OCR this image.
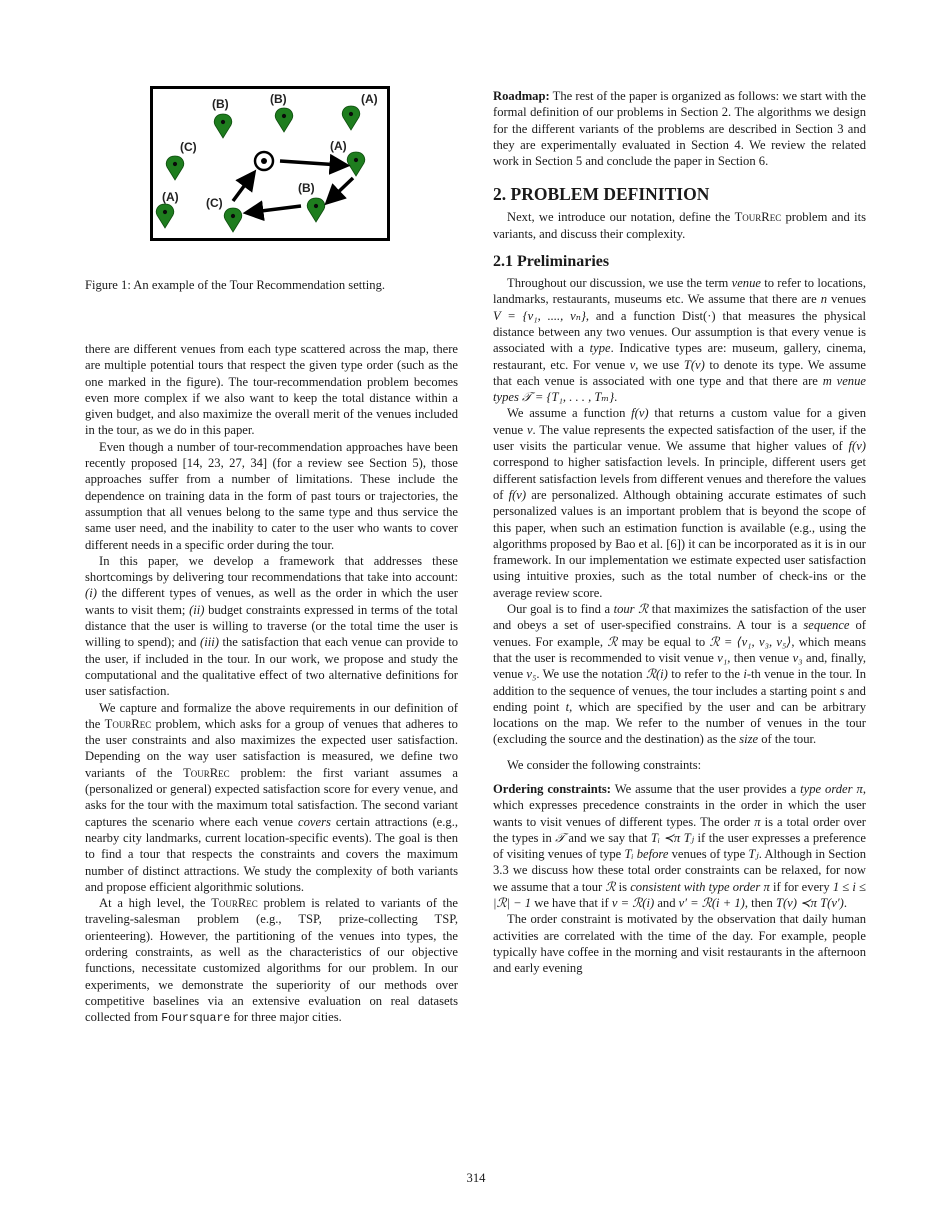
(B)	(B)	(A)
(C)	(A)
(B)
(A) (C)
Figure 1: An example of the Tour Recommendation setting.

there are different venues from each type scattered across the map, there are multiple potential tours that respect the given type order (such as the one marked in the figure). The tour-recommendation problem becomes even more complex if we also want to keep the total distance within a given budget, and also maximize the overall merit of the venues included in the tour, as we do in this paper.

Even though a number of tour-recommendation approaches have been recently proposed [14, 23, 27, 34] (for a review see Section 5), those approaches suffer from a number of limitations. These include the dependence on training data in the form of past tours or trajectories, the assumption that all venues belong to the same type and thus service the same user need, and the inability to cater to the user who wants to cover different needs in a specific order during the tour.

In this paper, we develop a framework that addresses these shortcomings by delivering tour recommendations that take into account: (i) the different types of venues, as well as the order in which the user wants to visit them; (ii) budget constraints expressed in terms of the total distance that the user is willing to traverse (or the total time the user is willing to spend); and (iii) the satisfaction that each venue can provide to the user, if included in the tour. In our work, we propose and study the computational and the qualitative effect of two alternative definitions for user satisfaction.

We capture and formalize the above requirements in our definition of the TourRec problem, which asks for a group of venues that adheres to the user constraints and also maximizes the expected user satisfaction. Depending on the way user satisfaction is measured, we define two variants of the TourRec problem: the first variant assumes a (personalized or general) expected satisfaction score for every venue, and asks for the tour with the maximum total satisfaction. The second variant captures the scenario where each venue covers certain attractions (e.g., nearby city landmarks, current location-specific events). The goal is then to find a tour that respects the constraints and covers the maximum number of distinct attractions. We study the complexity of both variants and propose efficient algorithmic solutions.

At a high level, the TourRec problem is related to variants of the traveling-salesman problem (e.g., TSP, prize-collecting TSP, orienteering). However, the partitioning of the venues into types, the ordering constraints, as well as the characteristics of our objective functions, necessitate customized algorithms for our problem. In our experiments, we demonstrate the superiority of our methods over competitive baselines via an extensive evaluation on real datasets collected from Foursquare for three major cities.

Roadmap: The rest of the paper is organized as follows: we start with the formal definition of our problems in Section 2. The algorithms we design for the different variants of the problems are described in Section 3 and they are experimentally evaluated in Section 4. We review the related work in Section 5 and conclude the paper in Section 6.

2. PROBLEM DEFINITION

Next, we introduce our notation, define the TourRec problem and its variants, and discuss their complexity.

2.1 Preliminaries

Throughout our discussion, we use the term venue to refer to locations, landmarks, restaurants, museums etc. We assume that there are n venues V = {v₁, ...., vₙ}, and a function Dist(·) that measures the physical distance between any two venues. Our assumption is that every venue is associated with a type. Indicative types are: museum, gallery, cinema, restaurant, etc. For venue v, we use T(v) to denote its type. We assume that each venue is associated with one type and that there are m venue types 𝒯 = {T₁, . . . , Tₘ}.

We assume a function f(v) that returns a custom value for a given venue v. The value represents the expected satisfaction of the user, if the user visits the particular venue. We assume that higher values of f(v) correspond to higher satisfaction levels. In principle, different users get different satisfaction levels from different venues and therefore the values of f(v) are personalized. Although obtaining accurate estimates of such personalized values is an important problem that is beyond the scope of this paper, when such an estimation function is available (e.g., using the algorithms proposed by Bao et al. [6]) it can be incorporated as it is in our framework. In our implementation we estimate expected user satisfaction using intuitive proxies, such as the total number of check-ins or the average review score.

Our goal is to find a tour ℛ that maximizes the satisfaction of the user and obeys a set of user-specified constrains. A tour is a sequence of venues. For example, ℛ may be equal to ℛ = ⟨v₁, v₃, v₅⟩, which means that the user is recommended to visit venue v₁, then venue v₃ and, finally, venue v₅. We use the notation ℛ(i) to refer to the i-th venue in the tour. In addition to the sequence of venues, the tour includes a starting point s and ending point t, which are specified by the user and can be arbitrary locations on the map. We refer to the number of venues in the tour (excluding the source and the destination) as the size of the tour.

We consider the following constraints:

Ordering constraints: We assume that the user provides a type order π, which expresses precedence constraints in the order in which the user wants to visit venues of different types. The order π is a total order over the types in 𝒯 and we say that Tᵢ ≺π Tⱼ if the user expresses a preference of visiting venues of type Tᵢ before venues of type Tⱼ. Although in Section 3.3 we discuss how these total order constraints can be relaxed, for now we assume that a tour ℛ is consistent with type order π if for every 1 ≤ i ≤ |ℛ| − 1 we have that if v = ℛ(i) and v′ = ℛ(i + 1), then T(v) ≺π T(v′).

The order constraint is motivated by the observation that daily human activities are correlated with the time of the day. For example, people typically have coffee in the morning and visit restaurants in the afternoon and early evening

314
